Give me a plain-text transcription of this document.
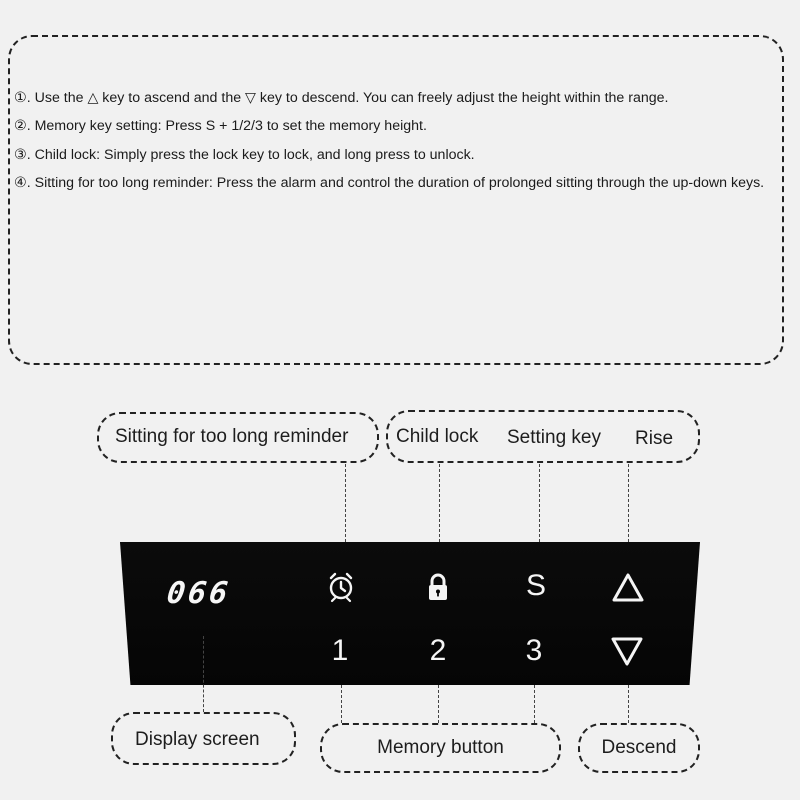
①. Use the △ key to ascend and the ▽ key to descend. You can freely adjust the height within the range.
②. Memory key setting: Press S + 1/2/3 to set the memory height.
③. Child lock: Simply press the lock key to lock, and long press to unlock.
④. Sitting for too long reminder: Press the alarm and control the duration of prolonged sitting through the up-down keys.
Sitting for too long reminder	Child lock Setting key Rise
066	S
1	2	3
Display screen	Memory button	Descend
